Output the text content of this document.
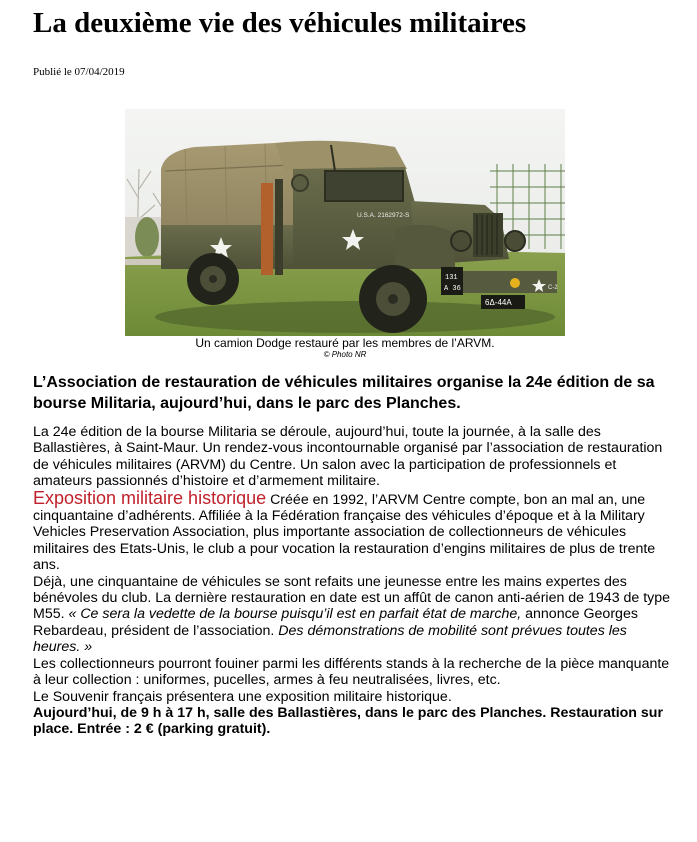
La deuxième vie des véhicules militaires
Publié le 07/04/2019
U.S.A. 2162972-S
131
A 36
6Δ-44A
C-2
Un camion Dodge restauré par les membres de l’ARVM.
© Photo NR

L’Association de restauration de véhicules militaires organise la 24e édition de sa bourse Militaria, aujourd’hui, dans le parc des Planches.

La 24e édition de la bourse Militaria se déroule, aujourd’hui, toute la journée, à la salle des Ballastières, à Saint-Maur. Un rendez-vous incontournable organisé par l’association de restauration de véhicules militaires (ARVM) du Centre. Un salon avec la participation de professionnels et amateurs passionnés d’histoire et d’armement militaire.

Exposition militaire historique Créée en 1992, l’ARVM Centre compte, bon an mal an, une cinquantaine d’adhérents. Affiliée à la Fédération française des véhicules d’époque et à la Military Vehicles Preservation Association, plus importante association de collectionneurs de véhicules militaires des Etats-Unis, le club a pour vocation la restauration d’engins militaires de plus de trente ans.

Déjà, une cinquantaine de véhicules se sont refaits une jeunesse entre les mains expertes des bénévoles du club. La dernière restauration en date est un affût de canon anti-aérien de 1943 de type M55. « Ce sera la vedette de la bourse puisqu’il est en parfait état de marche, annonce Georges Rebardeau, président de l’association. Des démonstrations de mobilité sont prévues toutes les heures. »

Les collectionneurs pourront fouiner parmi les différents stands à la recherche de la pièce manquante à leur collection : uniformes, pucelles, armes à feu neutralisées, livres, etc.

Le Souvenir français présentera une exposition militaire historique.

Aujourd’hui, de 9 h à 17 h, salle des Ballastières, dans le parc des Planches. Restauration sur place. Entrée : 2 € (parking gratuit).
